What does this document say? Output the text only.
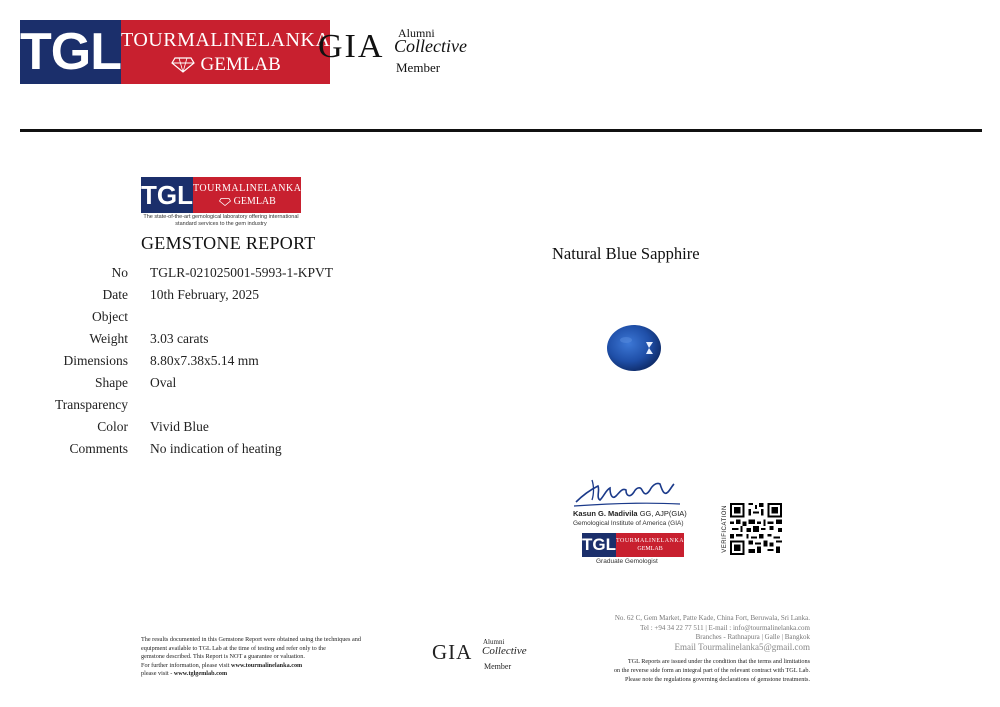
TGL TOURMALINELANKA
GEMLAB GIA Alumni
Collective
Member
TGL TOURMALINELANKA
GEMLAB
The state-of-the-art gemological laboratory offering international standard services to the gem industry
GEMSTONE REPORT
No TGLR-021025001-5993-1-KPVT
Date 10th February, 2025
Object
Weight 3.03 carats
Dimensions 8.80x7.38x5.14 mm
Shape Oval
Transparency
Color Vivid Blue
Comments No indication of heating
Natural Blue Sapphire
Kasun G. Madivila GG, AJP(GIA)
Gemological Institute of America (GIA)
TGL TOURMALINELANKA
GEMLAB
Graduate Gemologist
VERIFICATION
The results documented in this Gemstone Report were obtained using the techniques and
equipment available to TGL Lab at the time of testing and refer only to the
gemstone described. This Report is NOT a guarantee or valuation.
For further information, please visit www.tourmalinelanka.com
please visit - www.tglgemlab.com
GIA Alumni
Collective
Member
No. 62 C, Gem Market, Patte Kade, China Fort, Beruwala, Sri Lanka.
Tel : +94 34 22 77 511 | E-mail : info@tourmalinelanka.com
Branches - Rathnapura | Galle | Bangkok
Email Tourmalinelanka5@gmail.com
TGL Reports are issued under the condition that the terms and limitations
on the reverse side form an integral part of the relevant contract with TGL Lab.
Please note the regulations governing declarations of gemstone treatments.
